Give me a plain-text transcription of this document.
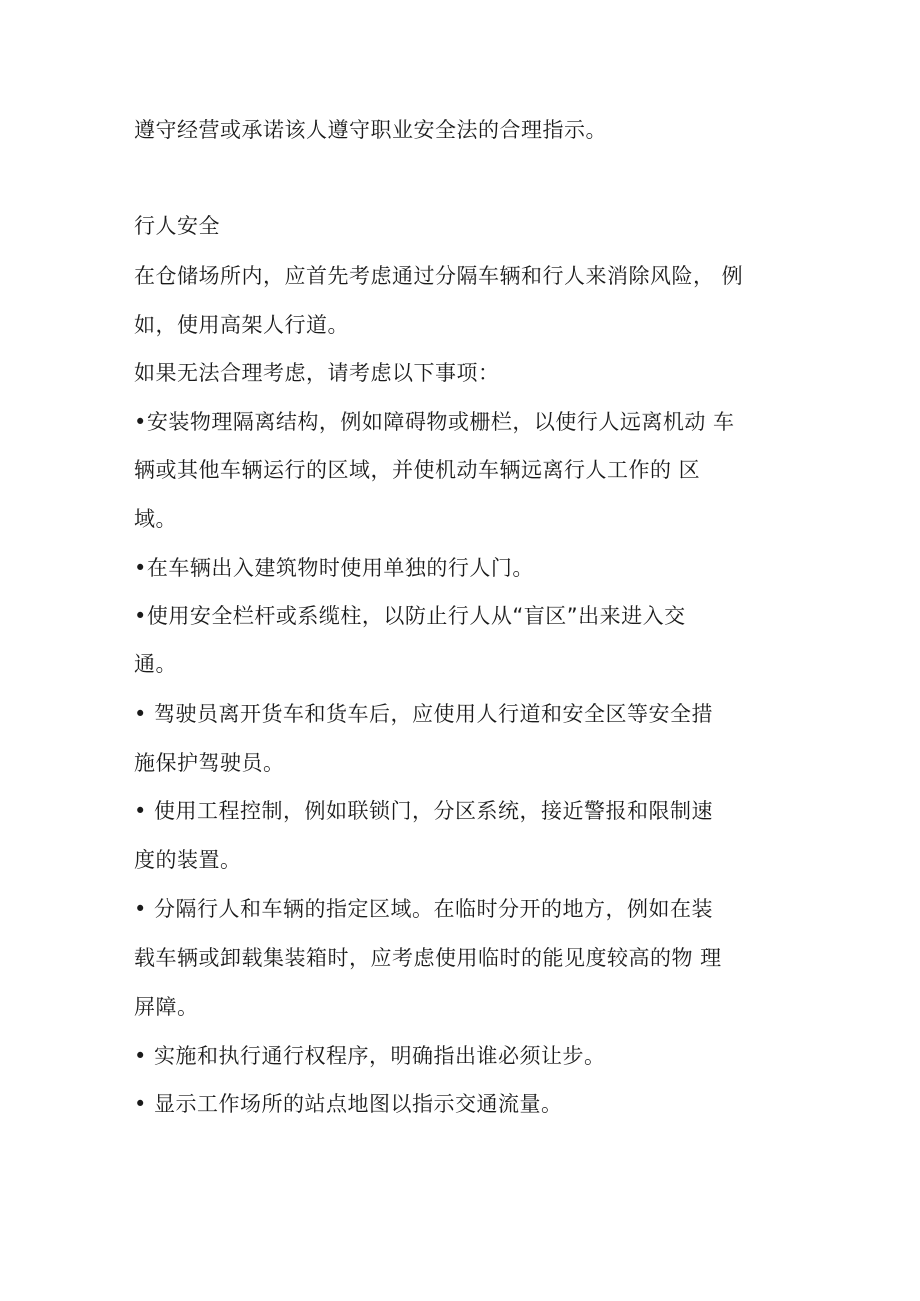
遵守经营或承诺该人遵守职业安全法的合理指示。
行人安全
在仓储场所内，应首先考虑通过分隔车辆和行人来消除风险， 例
如，使用高架人行道。
如果无法合理考虑，请考虑以下事项：
•安装物理隔离结构，例如障碍物或栅栏，以使行人远离机动 车
辆或其他车辆运行的区域，并使机动车辆远离行人工作的 区
域。
•在车辆出入建筑物时使用单独的行人门。
•使用安全栏杆或系缆柱，以防止行人从“盲区”出来进入交
通。
• 驾驶员离开货车和货车后，应使用人行道和安全区等安全措
施保护驾驶员。
• 使用工程控制，例如联锁门，分区系统，接近警报和限制速
度的装置。
• 分隔行人和车辆的指定区域。在临时分开的地方，例如在装
载车辆或卸载集装箱时，应考虑使用临时的能见度较高的物 理
屏障。
• 实施和执行通行权程序，明确指出谁必须让步。
• 显示工作场所的站点地图以指示交通流量。
